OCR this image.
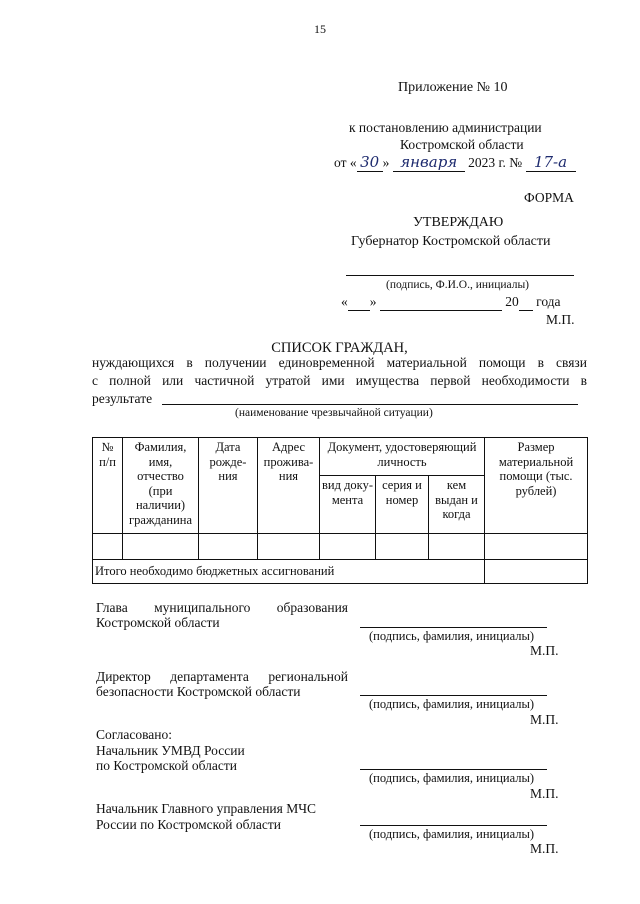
15
Приложение № 10
к постановлению администрации
Костромской области
от « 30 » января 2023 г. № 17-а
ФОРМА
УТВЕРЖДАЮ
Губернатор Костромской области
(подпись, Ф.И.О., инициалы)
« »	20 года
М.П.
СПИСОК ГРАЖДАН,
нуждающихся в получении единовременной материальной помощи в связи
с полной или частичной утратой ими имущества первой необходимости в
результате
(наименование чрезвычайной ситуации)
№ п/п	Фамилия, имя, отчество (при наличии) гражданина	Дата рожде-ния	Адрес прожива-ния	Документ, удостоверяющий личность			Размер материальной помощи (тыс. рублей)
				вид доку-мента	серия и номер	кем выдан и когда	

Итого необходимо бюджетных ассигнований							
Глава муниципального образования
Костромской области
(подпись, фамилия, инициалы)
М.П.
Директор департамента региональной
безопасности Костромской области
(подпись, фамилия, инициалы)
М.П.
Согласовано:
Начальник УМВД России
по Костромской области
(подпись, фамилия, инициалы)
М.П.
Начальник Главного управления МЧС
России по Костромской области
(подпись, фамилия, инициалы)
М.П.
